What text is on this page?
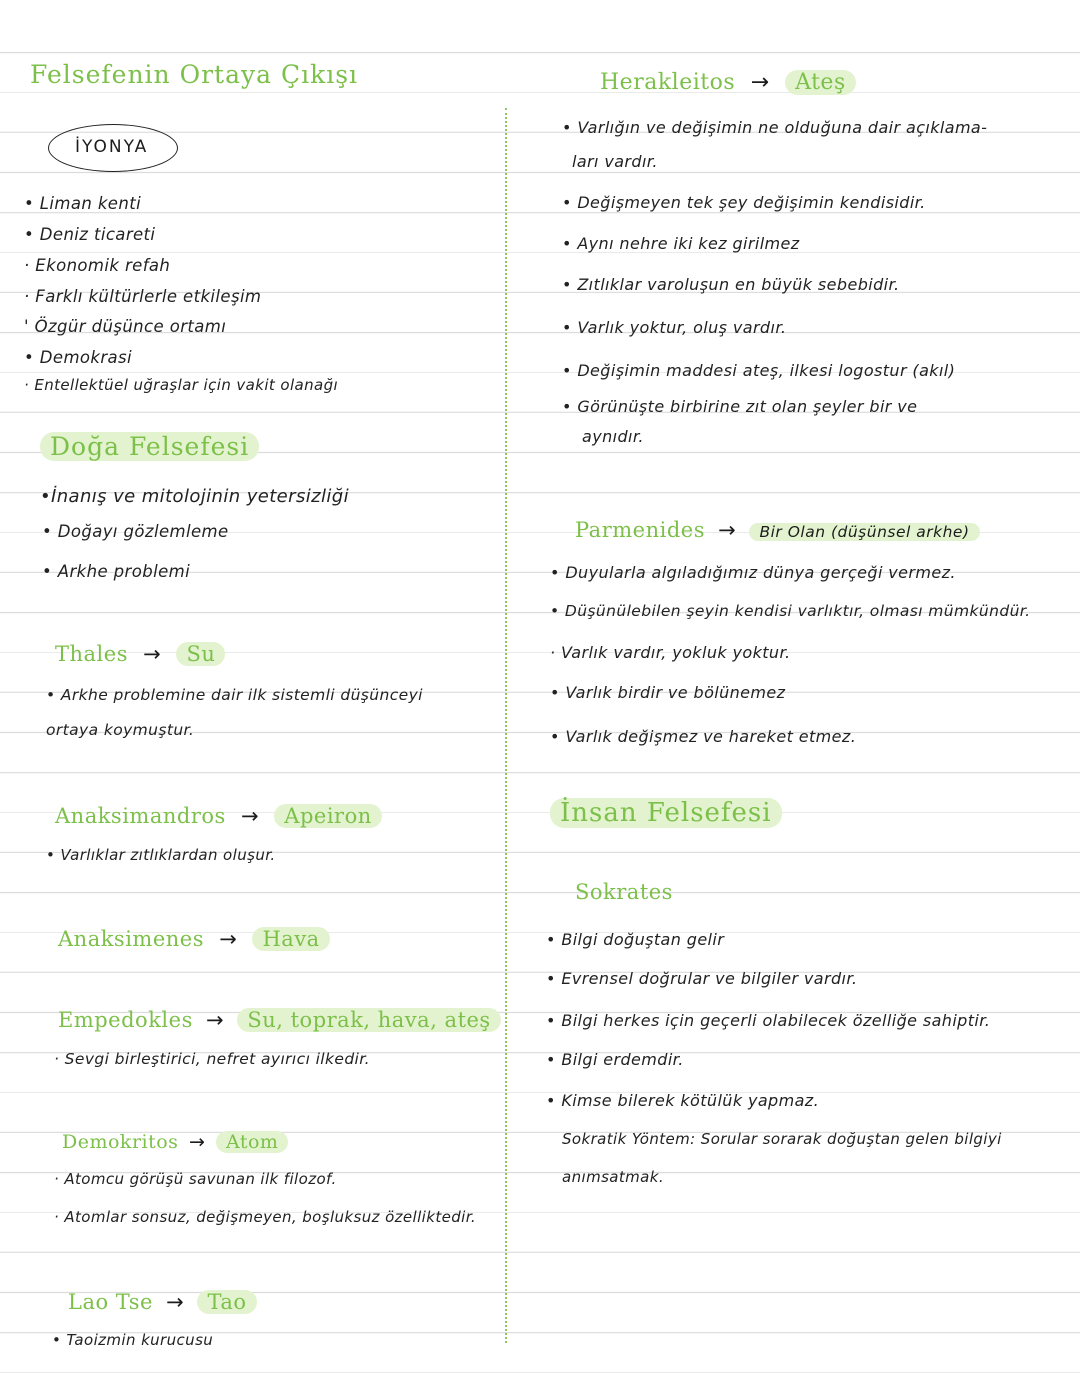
Felsefenin Ortaya Çıkışı
İYONYA
• Liman kenti
• Deniz ticareti
· Ekonomik refah
· Farklı kültürlerle etkileşim
' Özgür düşünce ortamı
• Demokrasi
· Entellektüel uğraşlar için vakit olanağı
Doğa Felsefesi
•İnanış ve mitolojinin yetersizliği
• Doğayı gözlemleme
• Arkhe problemi
Thales → Su
• Arkhe problemine dair ilk sistemli düşünceyi
ortaya koymuştur.
Anaksimandros → Apeiron
• Varlıklar zıtlıklardan oluşur.
Anaksimenes → Hava
Empedokles → Su, toprak, hava, ateş
· Sevgi birleştirici, nefret ayırıcı ilkedir.
Demokritos → Atom
· Atomcu görüşü savunan ilk filozof.
· Atomlar sonsuz, değişmeyen, boşluksuz özelliktedir.
Lao Tse → Tao
• Taoizmin kurucusu
Herakleitos → Ateş
• Varlığın ve değişimin ne olduğuna dair açıklama-
ları vardır.
• Değişmeyen tek şey değişimin kendisidir.
• Aynı nehre iki kez girilmez
• Zıtlıklar varoluşun en büyük sebebidir.
• Varlık yoktur, oluş vardır.
• Değişimin maddesi ateş, ilkesi logostur (akıl)
• Görünüşte birbirine zıt olan şeyler bir ve
aynıdır.
Parmenides → Bir Olan (düşünsel arkhe)
• Duyularla algıladığımız dünya gerçeği vermez.
• Düşünülebilen şeyin kendisi varlıktır, olması mümkündür.
· Varlık vardır, yokluk yoktur.
• Varlık birdir ve bölünemez
• Varlık değişmez ve hareket etmez.
İnsan Felsefesi
Sokrates
• Bilgi doğuştan gelir
• Evrensel doğrular ve bilgiler vardır.
• Bilgi herkes için geçerli olabilecek özelliğe sahiptir.
• Bilgi erdemdir.
• Kimse bilerek kötülük yapmaz.
Sokratik Yöntem: Sorular sorarak doğuştan gelen bilgiyi
anımsatmak.
